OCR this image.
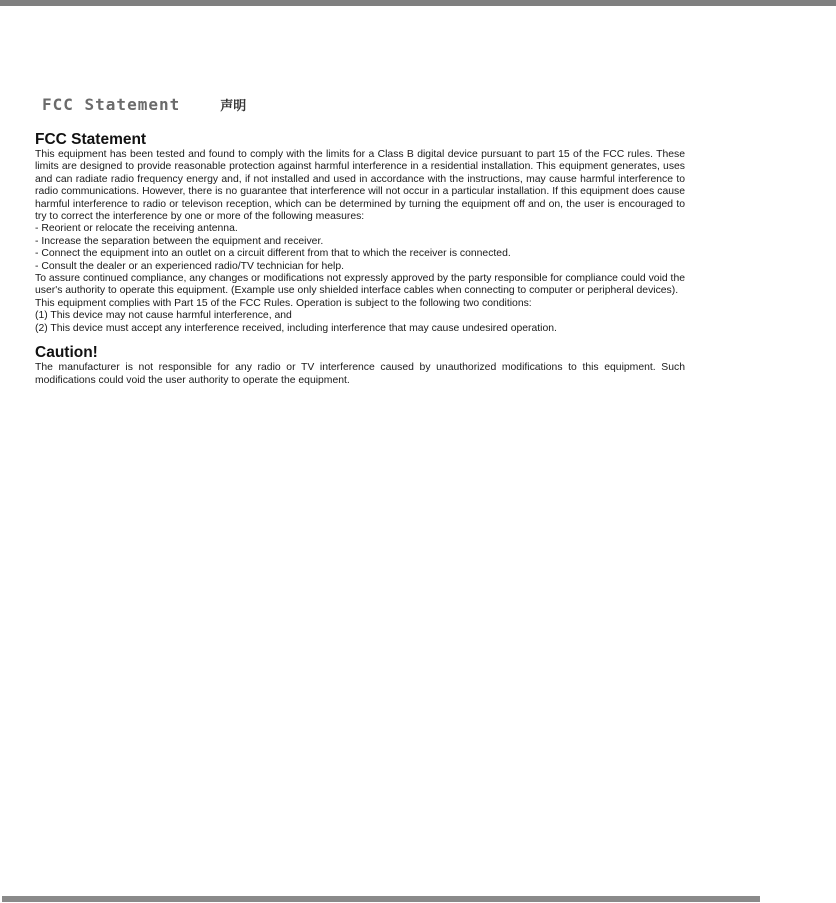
FCC Statement	声明
FCC Statement

This equipment has been tested and found to comply with the limits for a Class B digital device pursuant to part 15 of the FCC rules. These limits are designed to provide reasonable protection against harmful interference in a residential installation. This equipment generates, uses and can radiate radio frequency energy and, if not installed and used in accordance with the instructions, may cause harmful interference to radio communications. However, there is no guarantee that interference will not occur in a particular installation. If this equipment does cause harmful interference to radio or televison reception, which can be determined by turning the equipment off and on, the user is encouraged to try to correct the interference by one or more of the following measures:

- Reorient or relocate the receiving antenna.
- Increase the separation between the equipment and receiver.
- Connect the equipment into an outlet on a circuit different from that to which the receiver is connected.
- Consult the dealer or an experienced radio/TV technician for help.

To assure continued compliance, any changes or modifications not expressly approved by the party responsible for compliance could void the user's authority to operate this equipment. (Example use only shielded interface cables when connecting to computer or peripheral devices).

This equipment complies with Part 15 of the FCC Rules. Operation is subject to the following two conditions:
(1) This device may not cause harmful interference, and
(2) This device must accept any interference received, including interference that may cause undesired operation.
Caution!

The manufacturer is not responsible for any radio or TV interference caused by unauthorized modifications to this equipment. Such modifications could void the user authority to operate the equipment.
